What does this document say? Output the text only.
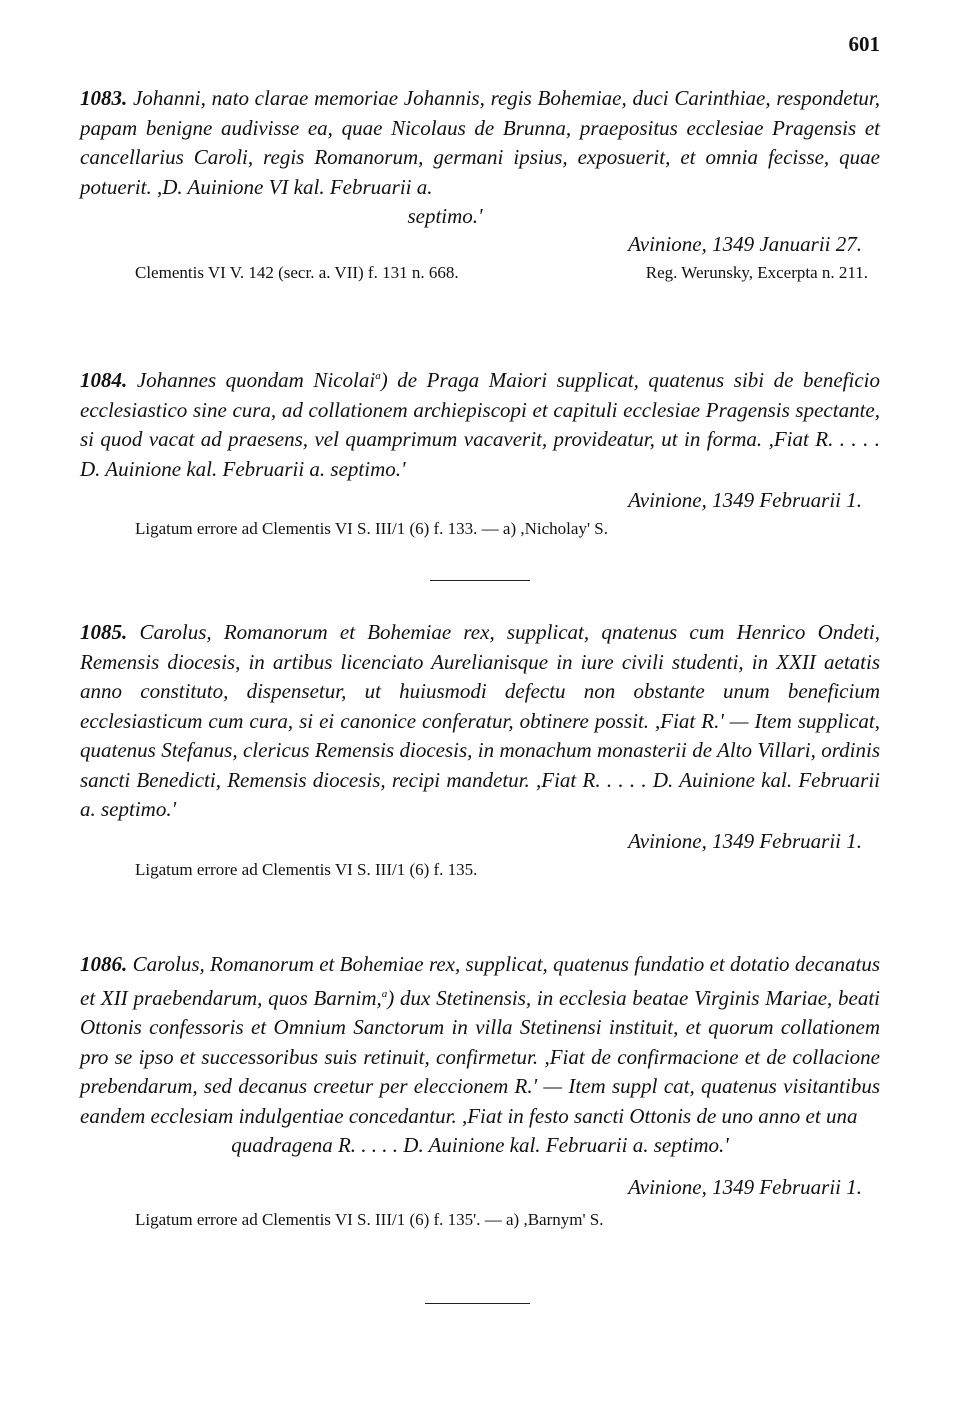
601

1083. Johanni, nato clarae memoriae Johannis, regis Bohemiae, duci Carinthiae, respondetur, papam benigne audivisse ea, quae Nicolaus de Brunna, praepositus ecclesiae Pragensis et cancellarius Caroli, regis Romanorum, germani ipsius, exposuerit, et omnia fecisse, quae potuerit. ,D. Auinione VI kal. Februarii a.

septimo.'
Avinione, 1349 Januarii 27.
Clementis VI V. 142 (secr. a. VII) f. 131 n. 668.	Reg. Werunsky, Excerpta n. 211.

1084. Johannes quondam Nicolai$^a$) de Praga Maiori supplicat, quatenus sibi de beneficio ecclesiastico sine cura, ad collationem archiepiscopi et capituli ecclesiae Pragensis spectante, si quod vacat ad praesens, vel quamprimum vacaverit, provideatur, ut in forma. ,Fiat R. . . . . D. Auinione kal. Februarii a. septimo.'

Avinione, 1349 Februarii 1.
Ligatum errore ad Clementis VI S. III/1 (6) f. 133. — a) ,Nicholay' S.

1085. Carolus, Romanorum et Bohemiae rex, supplicat, qnatenus cum Henrico Ondeti, Remensis diocesis, in artibus licenciato Aurelianisque in iure civili studenti, in XXII aetatis anno constituto, dispensetur, ut huiusmodi defectu non obstante unum beneficium ecclesiasticum cum cura, si ei canonice conferatur, obtinere possit. ,Fiat R.' — Item supplicat, quatenus Stefanus, clericus Remensis diocesis, in monachum monasterii de Alto Villari, ordinis sancti Benedicti, Remensis diocesis, recipi mandetur. ,Fiat R. . . . . D. Auinione kal. Februarii a. septimo.'

Avinione, 1349 Februarii 1.
Ligatum errore ad Clementis VI S. III/1 (6) f. 135.

1086. Carolus, Romanorum et Bohemiae rex, supplicat, quatenus fundatio et dotatio decanatus et XII praebendarum, quos Barnim,$^a$) dux Stetinensis, in ecclesia beatae Virginis Mariae, beati Ottonis confessoris et Omnium Sanctorum in villa Stetinensi instituit, et quorum collationem pro se ipso et successoribus suis retinuit, confirmetur. ,Fiat de confirmacione et de collacione prebendarum, sed decanus creetur per eleccionem R.' — Item suppl cat, quatenus visitantibus eandem ecclesiam indulgentiae concedantur. ,Fiat in festo sancti Ottonis de uno anno et una

quadragena R. . . . . D. Auinione kal. Februarii a. septimo.'
Avinione, 1349 Februarii 1.
Ligatum errore ad Clementis VI S. III/1 (6) f. 135'. — a) ,Barnym' S.
